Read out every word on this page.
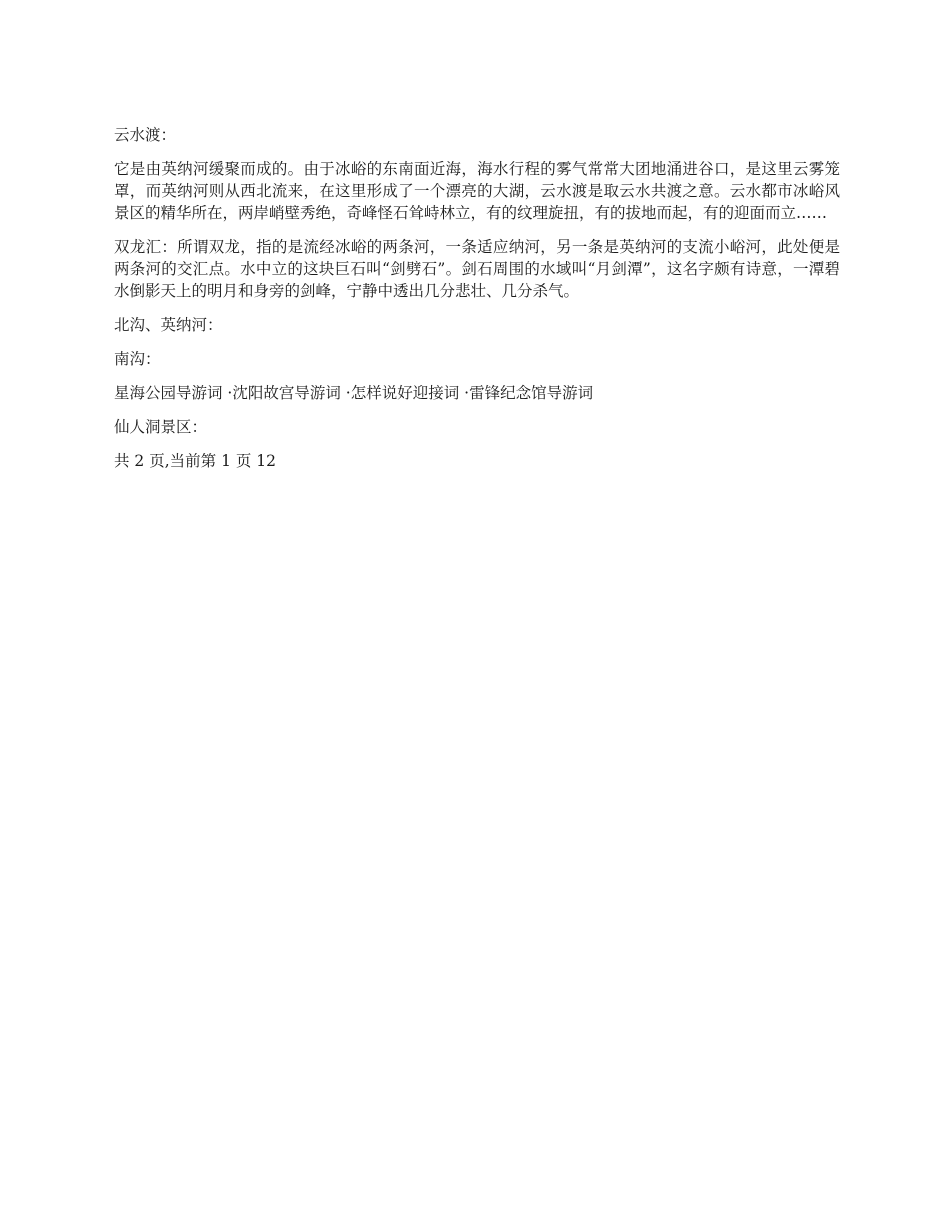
云水渡：

它是由英纳河缓聚而成的。由于冰峪的东南面近海，海水行程的雾气常常大团地涌进谷口，是这里云雾笼罩，而英纳河则从西北流来，在这里形成了一个漂亮的大湖，云水渡是取云水共渡之意。云水都市冰峪风景区的精华所在，两岸峭壁秀绝，奇峰怪石耸峙林立，有的纹理旋扭，有的拔地而起，有的迎面而立……

双龙汇：所谓双龙，指的是流经冰峪的两条河，一条适应纳河，另一条是英纳河的支流小峪河，此处便是两条河的交汇点。水中立的这块巨石叫“剑劈石”。剑石周围的水域叫“月剑潭”，这名字颇有诗意，一潭碧水倒影天上的明月和身旁的剑峰，宁静中透出几分悲壮、几分杀气。

北沟、英纳河：

南沟：

星海公园导游词 ·沈阳故宫导游词 ·怎样说好迎接词 ·雷锋纪念馆导游词

仙人洞景区：

共 2 页,当前第 1 页 12
